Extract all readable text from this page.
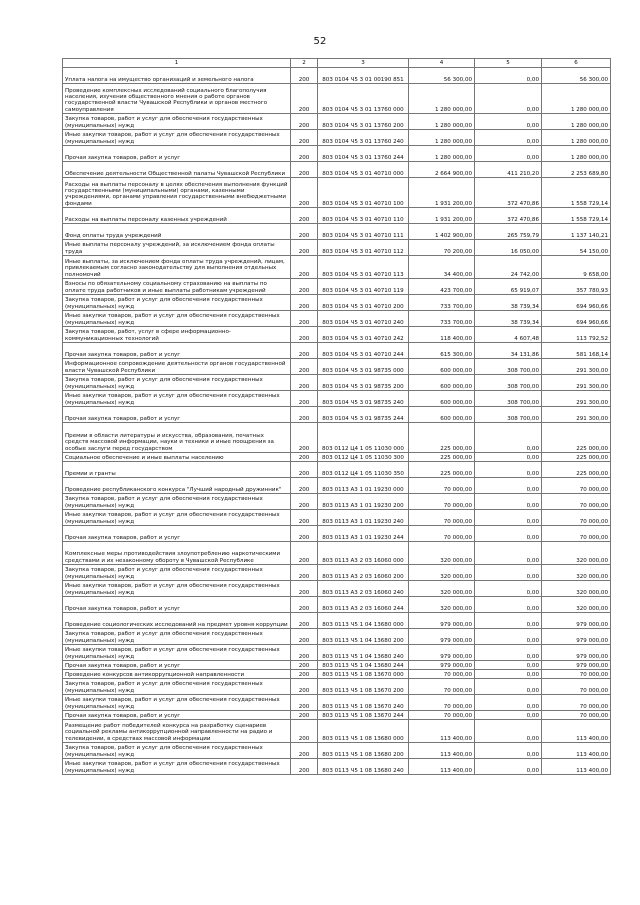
52
1	2	3	4	5	6
Уплата налога на имущество организаций и земельного налога	200	803 0104 Ч5 3 01 00190 851	56 300,00	0,00	56 300,00
Проведение комплексных исследований социального благополучия населения, изучения общественного мнения о работе органов государственной власти Чувашской Республики и органов местного самоуправления	200	803 0104 Ч5 3 01 13760 000	1 280 000,00	0,00	1 280 000,00
Закупка товаров, работ и услуг для обеспечения государственных (муниципальных) нужд	200	803 0104 Ч5 3 01 13760 200	1 280 000,00	0,00	1 280 000,00
Иные закупки товаров, работ и услуг для обеспечения государственных (муниципальных) нужд	200	803 0104 Ч5 3 01 13760 240	1 280 000,00	0,00	1 280 000,00
Прочая закупка товаров, работ и услуг	200	803 0104 Ч5 3 01 13760 244	1 280 000,00	0,00	1 280 000,00
Обеспечение деятельности Общественной палаты Чувашской Республики	200	803 0104 Ч5 3 01 40710 000	2 664 900,00	411 210,20	2 253 689,80
Расходы на выплаты персоналу в целях обеспечения выполнения функций государственными (муниципальными) органами, казенными учреждениями, органами управления государственными внебюджетными фондами	200	803 0104 Ч5 3 01 40710 100	1 931 200,00	372 470,86	1 558 729,14
Расходы на выплаты персоналу казенных учреждений	200	803 0104 Ч5 3 01 40710 110	1 931 200,00	372 470,86	1 558 729,14
Фонд оплаты труда учреждений	200	803 0104 Ч5 3 01 40710 111	1 402 900,00	265 759,79	1 137 140,21
Иные выплаты персоналу учреждений, за исключением фонда оплаты труда	200	803 0104 Ч5 3 01 40710 112	70 200,00	16 050,00	54 150,00
Иные выплаты, за исключением фонда оплаты труда учреждений, лицам, привлекаемым согласно законодательству для выполнения отдельных полномочий	200	803 0104 Ч5 3 01 40710 113	34 400,00	24 742,00	9 658,00
Взносы по обязательному социальному страхованию на выплаты по оплате труда работников и иные выплаты работникам учреждений	200	803 0104 Ч5 3 01 40710 119	423 700,00	65 919,07	357 780,93
Закупка товаров, работ и услуг для обеспечения государственных (муниципальных) нужд	200	803 0104 Ч5 3 01 40710 200	733 700,00	38 739,34	694 960,66
Иные закупки товаров, работ и услуг для обеспечения государственных (муниципальных) нужд	200	803 0104 Ч5 3 01 40710 240	733 700,00	38 739,34	694 960,66
Закупка товаров, работ, услуг в сфере информационно-коммуникационных технологий	200	803 0104 Ч5 3 01 40710 242	118 400,00	4 607,48	113 792,52
Прочая закупка товаров, работ и услуг	200	803 0104 Ч5 3 01 40710 244	615 300,00	34 131,86	581 168,14
Информационное сопровождение деятельности органов государственной власти Чувашской Республики	200	803 0104 Ч5 3 01 98735 000	600 000,00	308 700,00	291 300,00
Закупка товаров, работ и услуг для обеспечения государственных (муниципальных) нужд	200	803 0104 Ч5 3 01 98735 200	600 000,00	308 700,00	291 300,00
Иные закупки товаров, работ и услуг для обеспечения государственных (муниципальных) нужд	200	803 0104 Ч5 3 01 98735 240	600 000,00	308 700,00	291 300,00
Прочая закупка товаров, работ и услуг	200	803 0104 Ч5 3 01 98735 244	600 000,00	308 700,00	291 300,00
Премии в области литературы и искусства, образования, печатных средств массовой информации, науки и техники и иные поощрения за особые заслуги перед государством	200	803 0112 Ц4 1 05 11030 000	225 000,00	0,00	225 000,00
Социальное обеспечение и иные выплаты населению	200	803 0112 Ц4 1 05 11030 300	225 000,00	0,00	225 000,00
Премии и гранты	200	803 0112 Ц4 1 05 11030 350	225 000,00	0,00	225 000,00
Проведение республиканского конкурса "Лучший народный дружинник"	200	803 0113 А3 1 01 19230 000	70 000,00	0,00	70 000,00
Закупка товаров, работ и услуг для обеспечения государственных (муниципальных) нужд	200	803 0113 А3 1 01 19230 200	70 000,00	0,00	70 000,00
Иные закупки товаров, работ и услуг для обеспечения государственных (муниципальных) нужд	200	803 0113 А3 1 01 19230 240	70 000,00	0,00	70 000,00
Прочая закупка товаров, работ и услуг	200	803 0113 А3 1 01 19230 244	70 000,00	0,00	70 000,00
Комплексные меры противодействия злоупотреблению наркотическими средствами и их незаконному обороту в Чувашской Республике	200	803 0113 А3 2 03 16060 000	320 000,00	0,00	320 000,00
Закупка товаров, работ и услуг для обеспечения государственных (муниципальных) нужд	200	803 0113 А3 2 03 16060 200	320 000,00	0,00	320 000,00
Иные закупки товаров, работ и услуг для обеспечения государственных (муниципальных) нужд	200	803 0113 А3 2 03 16060 240	320 000,00	0,00	320 000,00
Прочая закупка товаров, работ и услуг	200	803 0113 А3 2 03 16060 244	320 000,00	0,00	320 000,00
Проведение социологических исследований на предмет уровня коррупции	200	803 0113 Ч5 1 04 13680 000	979 000,00	0,00	979 000,00
Закупка товаров, работ и услуг для обеспечения государственных (муниципальных) нужд	200	803 0113 Ч5 1 04 13680 200	979 000,00	0,00	979 000,00
Иные закупки товаров, работ и услуг для обеспечения государственных (муниципальных) нужд	200	803 0113 Ч5 1 04 13680 240	979 000,00	0,00	979 000,00
Прочая закупка товаров, работ и услуг	200	803 0113 Ч5 1 04 13680 244	979 000,00	0,00	979 000,00
Проведение конкурсов антикоррупционной направленности	200	803 0113 Ч5 1 08 13670 000	70 000,00	0,00	70 000,00
Закупка товаров, работ и услуг для обеспечения государственных (муниципальных) нужд	200	803 0113 Ч5 1 08 13670 200	70 000,00	0,00	70 000,00
Иные закупки товаров, работ и услуг для обеспечения государственных (муниципальных) нужд	200	803 0113 Ч5 1 08 13670 240	70 000,00	0,00	70 000,00
Прочая закупка товаров, работ и услуг	200	803 0113 Ч5 1 08 13670 244	70 000,00	0,00	70 000,00
Размещение работ победителей конкурса на разработку сценариев социальной рекламы антикоррупционной направленности на радио и телевидении, в средствах массовой информации	200	803 0113 Ч5 1 08 13680 000	113 400,00	0,00	113 400,00
Закупка товаров, работ и услуг для обеспечения государственных (муниципальных) нужд	200	803 0113 Ч5 1 08 13680 200	113 400,00	0,00	113 400,00
Иные закупки товаров, работ и услуг для обеспечения государственных (муниципальных) нужд	200	803 0113 Ч5 1 08 13680 240	113 400,00	0,00	113 400,00
